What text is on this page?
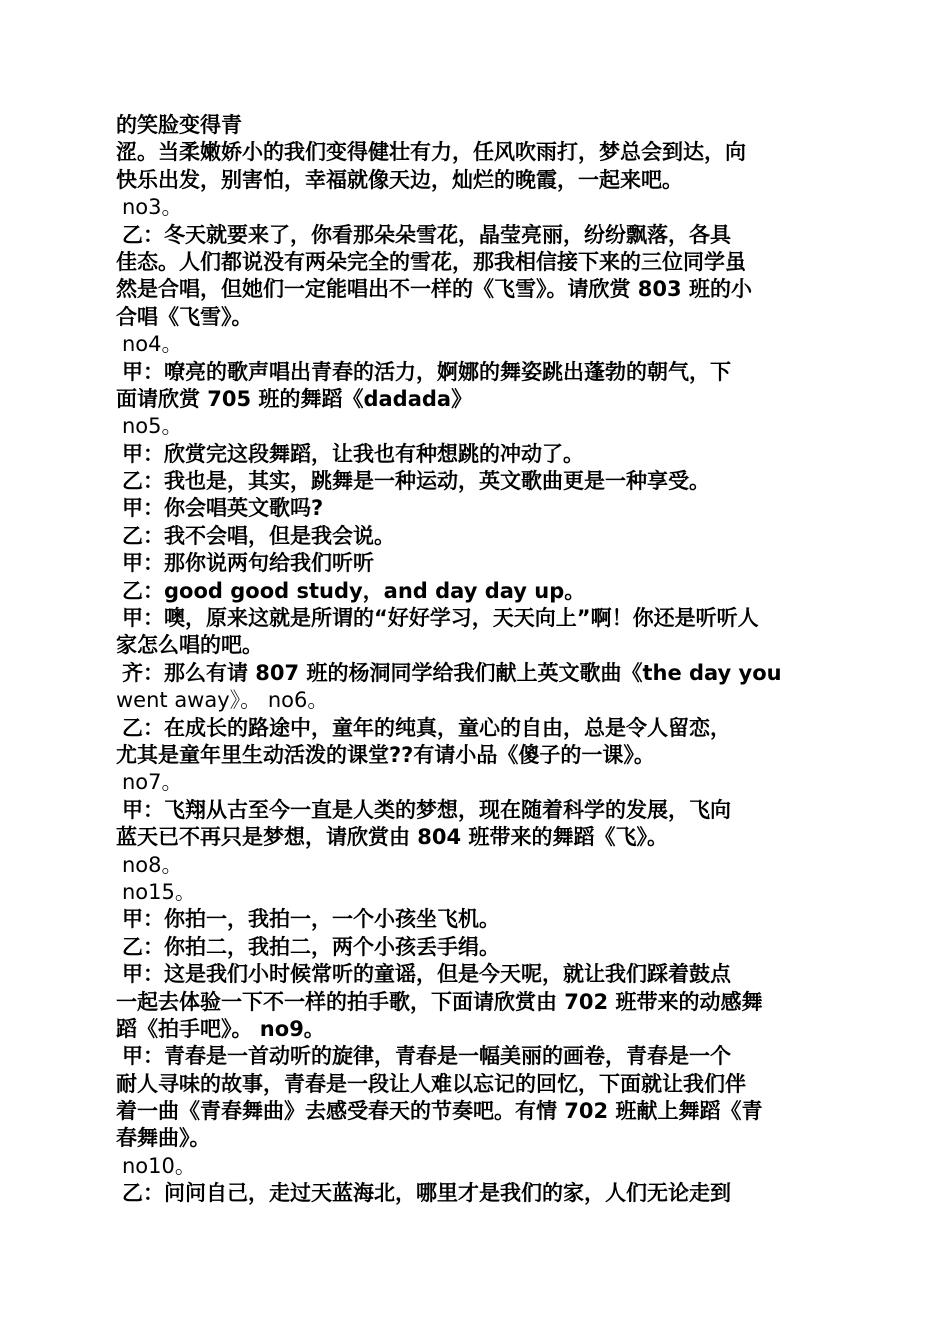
的笑脸变得青
涩。当柔嫩娇小的我们变得健壮有力，任风吹雨打，梦总会到达，向
快乐出发，别害怕，幸福就像天边，灿烂的晚霞，一起来吧。
no3。
乙：冬天就要来了，你看那朵朵雪花，晶莹亮丽，纷纷飘落，各具
佳态。人们都说没有两朵完全的雪花，那我相信接下来的三位同学虽
然是合唱，但她们一定能唱出不一样的《飞雪》。请欣赏 803 班的小
合唱《飞雪》。
no4。
甲：嘹亮的歌声唱出青春的活力，婀娜的舞姿跳出蓬勃的朝气，下
面请欣赏 705 班的舞蹈《dadada》
no5。
甲：欣赏完这段舞蹈，让我也有种想跳的冲动了。
乙：我也是，其实，跳舞是一种运动，英文歌曲更是一种享受。
甲：你会唱英文歌吗?
乙：我不会唱，但是我会说。
甲：那你说两句给我们听听
乙：good good study，and day day up。
甲：噢，原来这就是所谓的“好好学习，天天向上”啊！你还是听听人
家怎么唱的吧。
齐：那么有请 807 班的杨洞同学给我们献上英文歌曲《the day you
went away》。 no6。
乙：在成长的路途中，童年的纯真，童心的自由，总是令人留恋，
尤其是童年里生动活泼的课堂??有请小品《傻子的一课》。
no7。
甲：飞翔从古至今一直是人类的梦想，现在随着科学的发展，飞向
蓝天已不再只是梦想，请欣赏由 804 班带来的舞蹈《飞》。
no8。
no15。
甲：你拍一，我拍一，一个小孩坐飞机。
乙：你拍二，我拍二，两个小孩丢手绢。
甲：这是我们小时候常听的童谣，但是今天呢，就让我们踩着鼓点
一起去体验一下不一样的拍手歌，下面请欣赏由 702 班带来的动感舞
蹈《拍手吧》。 no9。
甲：青春是一首动听的旋律，青春是一幅美丽的画卷，青春是一个
耐人寻味的故事，青春是一段让人难以忘记的回忆，下面就让我们伴
着一曲《青春舞曲》去感受春天的节奏吧。有情 702 班献上舞蹈《青
春舞曲》。
no10。
乙：问问自己，走过天蓝海北，哪里才是我们的家，人们无论走到
